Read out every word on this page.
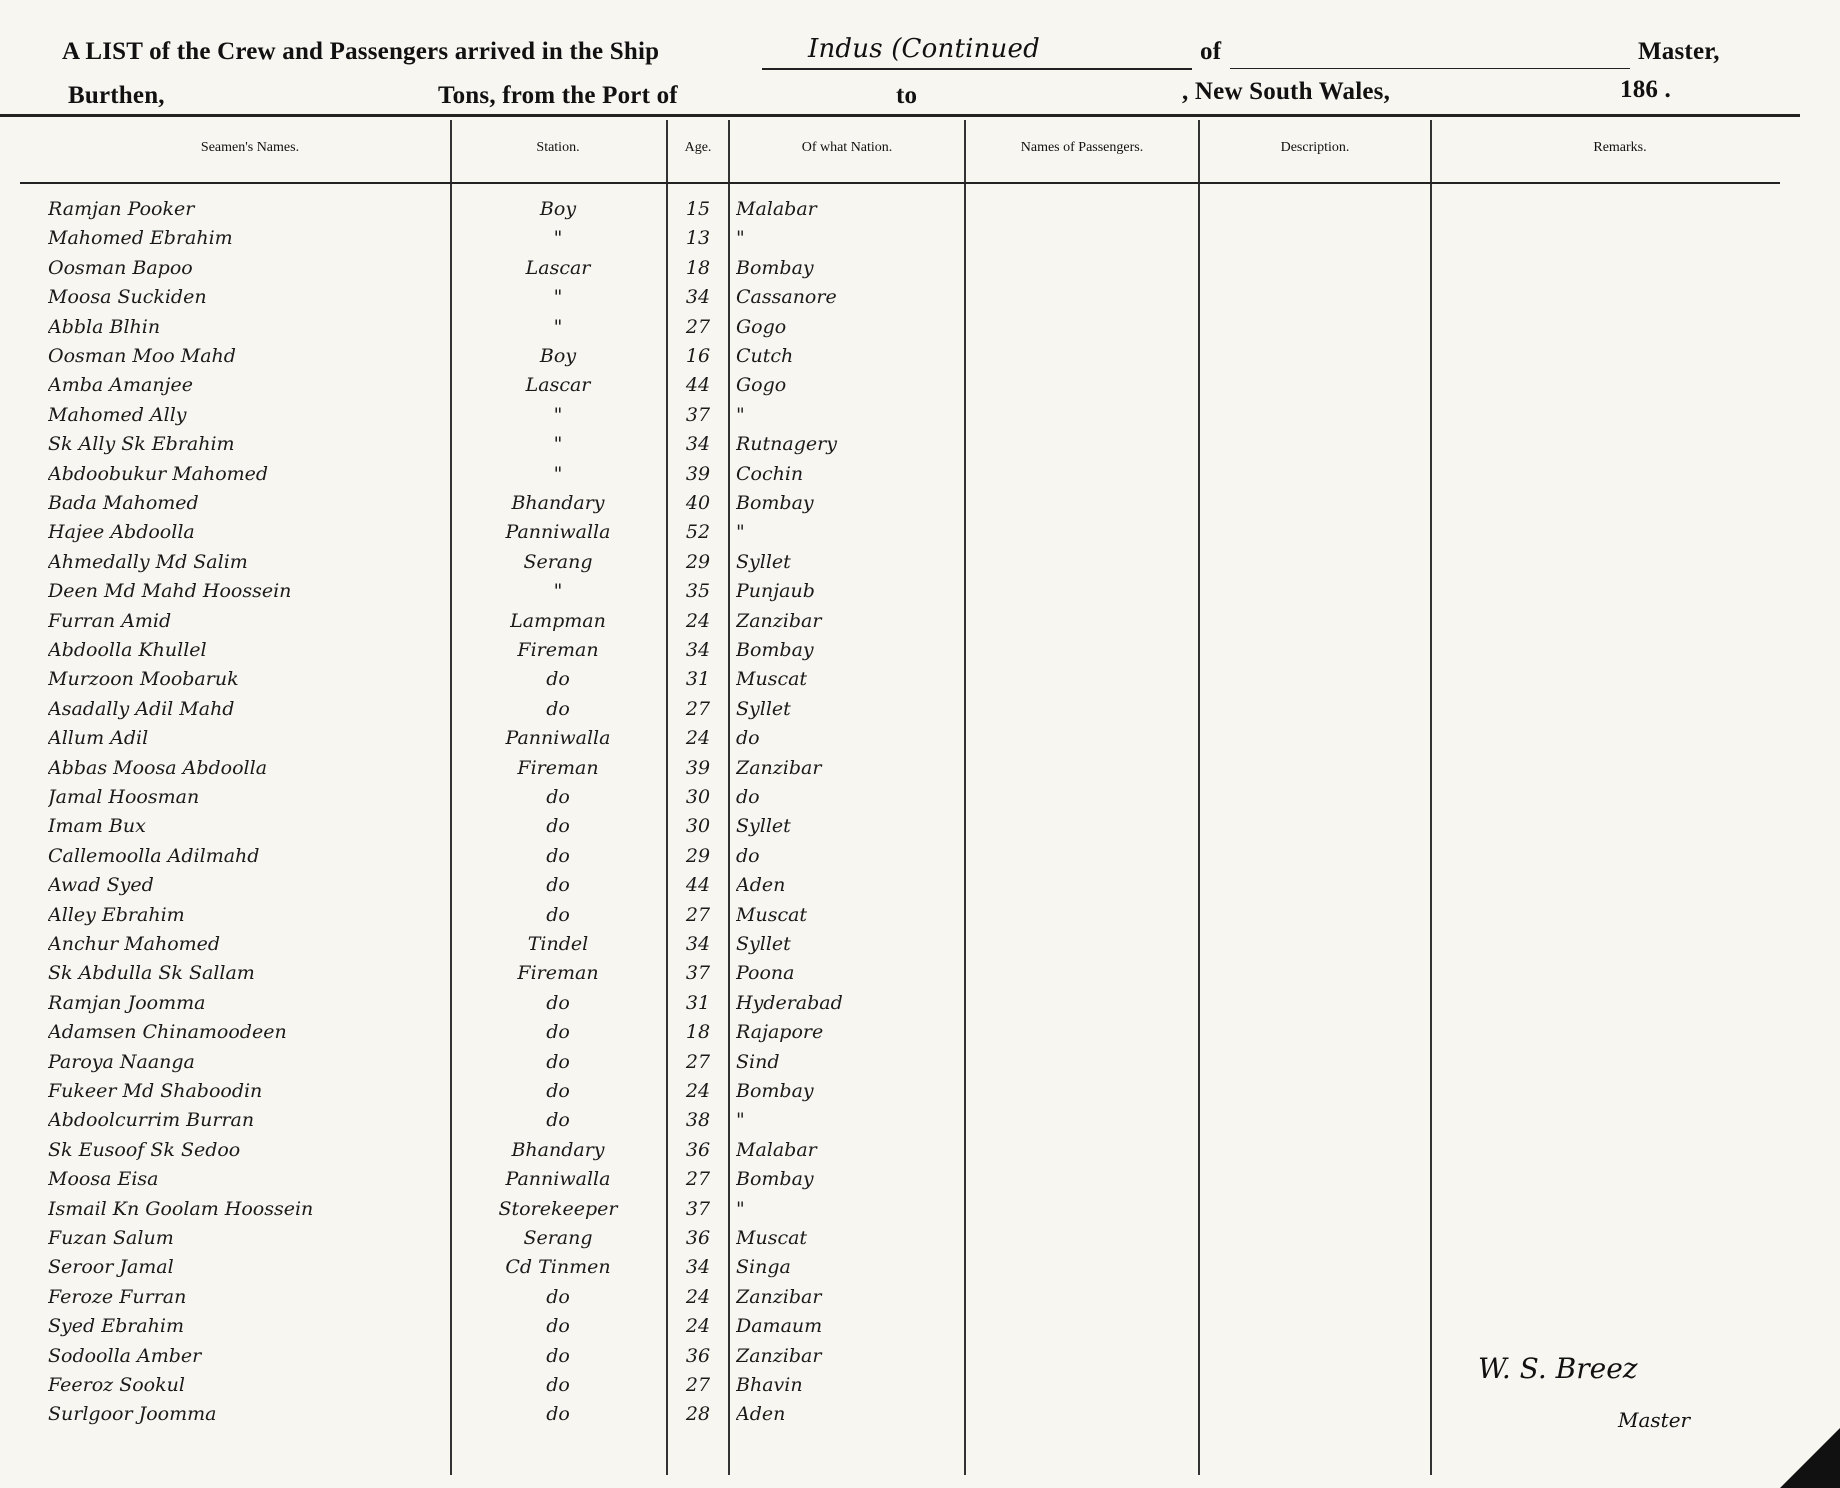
A LIST of the Crew and Passengers arrived in the Ship	Indus (Continued	of	Master,
Burthen,	Tons, from the Port of	to	, New South Wales,	186 .
Seamen's Names.	Station.	Age.	Of what Nation.	Names of Passengers.	Description.	Remarks.
Ramjan Pooker	Boy	15	Malabar
Mahomed Ebrahim	"	13	"
Oosman Bapoo	Lascar	18	Bombay
Moosa Suckiden	"	34	Cassanore
Abbla Blhin	"	27	Gogo
Oosman Moo Mahd	Boy	16	Cutch
Amba Amanjee	Lascar	44	Gogo
Mahomed Ally	"	37	"
Sk Ally Sk Ebrahim	"	34	Rutnagery
Abdoobukur Mahomed	"	39	Cochin
Bada Mahomed	Bhandary	40	Bombay
Hajee Abdoolla	Panniwalla	52	"
Ahmedally Md Salim	Serang	29	Syllet
Deen Md Mahd Hoossein	"	35	Punjaub
Furran Amid	Lampman	24	Zanzibar
Abdoolla Khullel	Fireman	34	Bombay
Murzoon Moobaruk	do	31	Muscat
Asadally Adil Mahd	do	27	Syllet
Allum Adil	Panniwalla	24	do
Abbas Moosa Abdoolla	Fireman	39	Zanzibar
Jamal Hoosman	do	30	do
Imam Bux	do	30	Syllet
Callemoolla Adilmahd	do	29	do
Awad Syed	do	44	Aden
Alley Ebrahim	do	27	Muscat
Anchur Mahomed	Tindel	34	Syllet
Sk Abdulla Sk Sallam	Fireman	37	Poona
Ramjan Joomma	do	31	Hyderabad
Adamsen Chinamoodeen	do	18	Rajapore
Paroya Naanga	do	27	Sind
Fukeer Md Shaboodin	do	24	Bombay
Abdoolcurrim Burran	do	38	"
Sk Eusoof Sk Sedoo	Bhandary	36	Malabar
Moosa Eisa	Panniwalla	27	Bombay
Ismail Kn Goolam Hoossein	Storekeeper	37	"
Fuzan Salum	Serang	36	Muscat
Seroor Jamal	Cd Tinmen	34	Singa
Feroze Furran	do	24	Zanzibar
Syed Ebrahim	do	24	Damaum
Sodoolla Amber	do	36	Zanzibar
Feeroz Sookul	do	27	Bhavin
Surlgoor Joomma	do	28	Aden
W. S. Breez
Master
